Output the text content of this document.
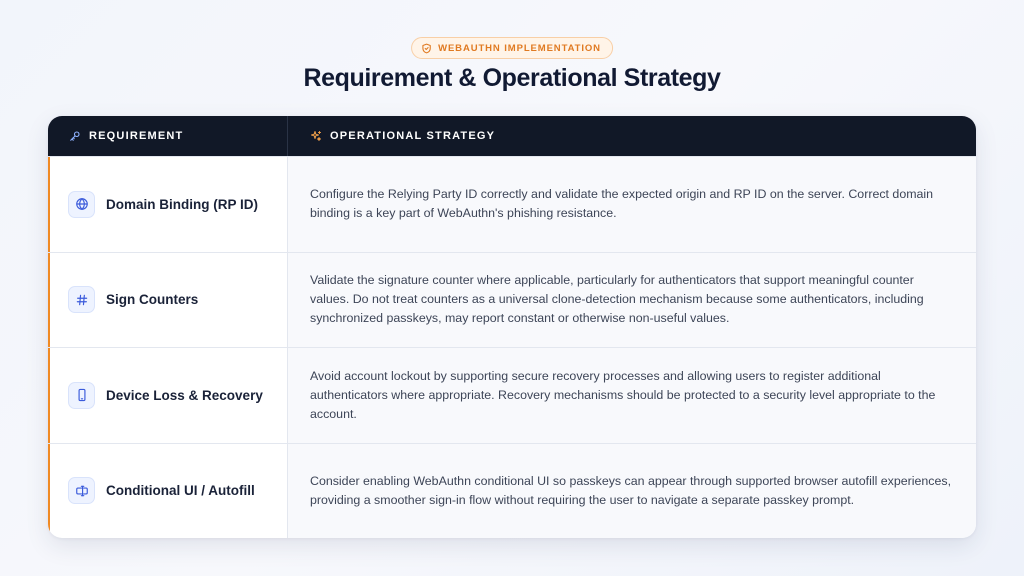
WEBAUTHN IMPLEMENTATION
Requirement & Operational Strategy
REQUIREMENT	OPERATIONAL STRATEGY
Domain Binding (RP ID)

Configure the Relying Party ID correctly and validate the expected origin and RP ID on the server. Correct domain binding is a key part of WebAuthn's phishing resistance.

Sign Counters

Validate the signature counter where applicable, particularly for authenticators that support meaningful counter values. Do not treat counters as a universal clone-detection mechanism because some authenticators, including synchronized passkeys, may report constant or otherwise non-useful values.

Device Loss & Recovery

Avoid account lockout by supporting secure recovery processes and allowing users to register additional authenticators where appropriate. Recovery mechanisms should be protected to a security level appropriate to the account.

Conditional UI / Autofill

Consider enabling WebAuthn conditional UI so passkeys can appear through supported browser autofill experiences, providing a smoother sign-in flow without requiring the user to navigate a separate passkey prompt.
